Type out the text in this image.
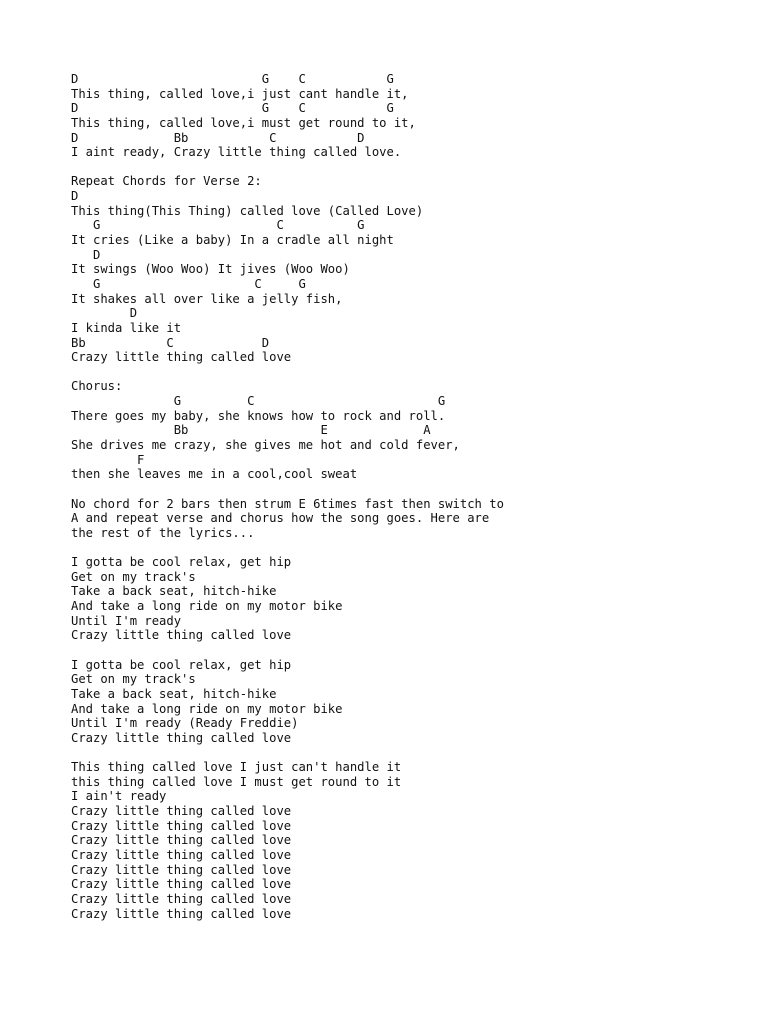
D                         G    C           G
This thing, called love,i just cant handle it,
D                         G    C           G
This thing, called love,i must get round to it,
D             Bb           C           D
I aint ready, Crazy little thing called love.
Repeat Chords for Verse 2:
D
This thing(This Thing) called love (Called Love)
G                        C          G
It cries (Like a baby) In a cradle all night
D
It swings (Woo Woo) It jives (Woo Woo)
G                     C     G
It shakes all over like a jelly fish,
D
I kinda like it
Bb           C            D
Crazy little thing called love
Chorus:
G         C                         G
There goes my baby, she knows how to rock and roll.
Bb                  E             A
She drives me crazy, she gives me hot and cold fever,
F
then she leaves me in a cool,cool sweat
No chord for 2 bars then strum E 6times fast then switch to
A and repeat verse and chorus how the song goes. Here are
the rest of the lyrics...
I gotta be cool relax, get hip
Get on my track's
Take a back seat, hitch-hike
And take a long ride on my motor bike
Until I'm ready
Crazy little thing called love
I gotta be cool relax, get hip
Get on my track's
Take a back seat, hitch-hike
And take a long ride on my motor bike
Until I'm ready (Ready Freddie)
Crazy little thing called love
This thing called love I just can't handle it
this thing called love I must get round to it
I ain't ready
Crazy little thing called love
Crazy little thing called love
Crazy little thing called love
Crazy little thing called love
Crazy little thing called love
Crazy little thing called love
Crazy little thing called love
Crazy little thing called love
